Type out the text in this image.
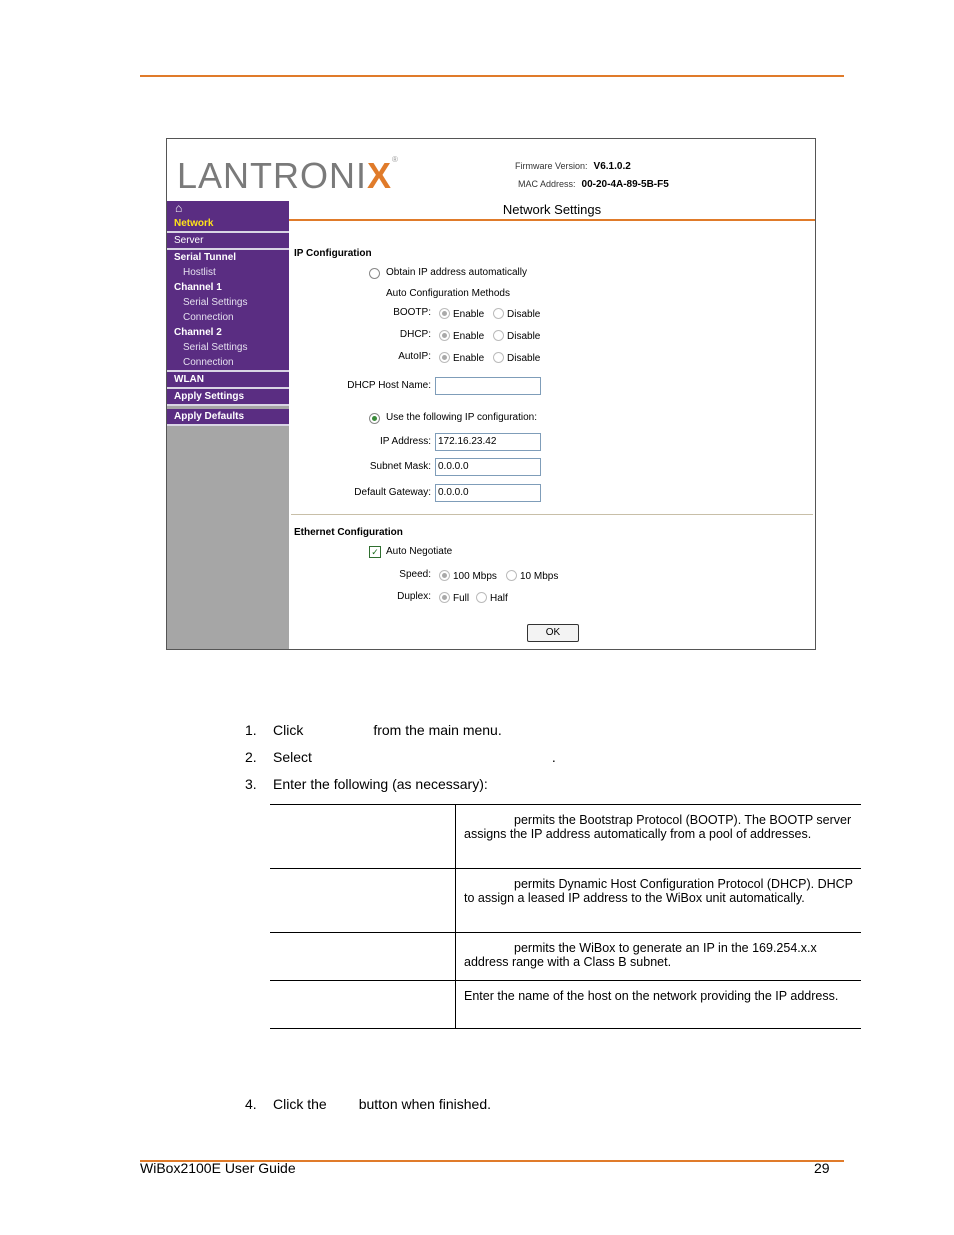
LANTRONIX®
Firmware Version: V6.1.0.2
MAC Address: 00-20-4A-89-5B-F5
⌂
Network
Server
Serial Tunnel
Hostlist
Channel 1
Serial Settings
Connection
Channel 2
Serial Settings
Connection
WLAN
Apply Settings
Apply Defaults
Network Settings
IP Configuration
Obtain IP address automatically
Auto Configuration Methods
BOOTP: Enable Disable
DHCP: Enable Disable
AutoIP: Enable Disable
DHCP Host Name:
Use the following IP configuration:
IP Address: 172.16.23.42
Subnet Mask: 0.0.0.0
Default Gateway: 0.0.0.0
Ethernet Configuration
✓ Auto Negotiate
Speed: 100 Mbps 10 Mbps
Duplex: Full Half
OK
1. Click	from the main menu.
2. Select	.
3. Enter the following (as necessary):
	permits the Bootstrap Protocol (BOOTP). The BOOTP server assigns the IP address automatically from a pool of addresses.
	permits Dynamic Host Configuration Protocol (DHCP). DHCP to assign a leased IP address to the WiBox unit automatically.
	permits the WiBox to generate an IP in the 169.254.x.x address range with a Class B subnet.
	Enter the name of the host on the network providing the IP address.
4. Click the button when finished.
WiBox2100E User Guide	29
